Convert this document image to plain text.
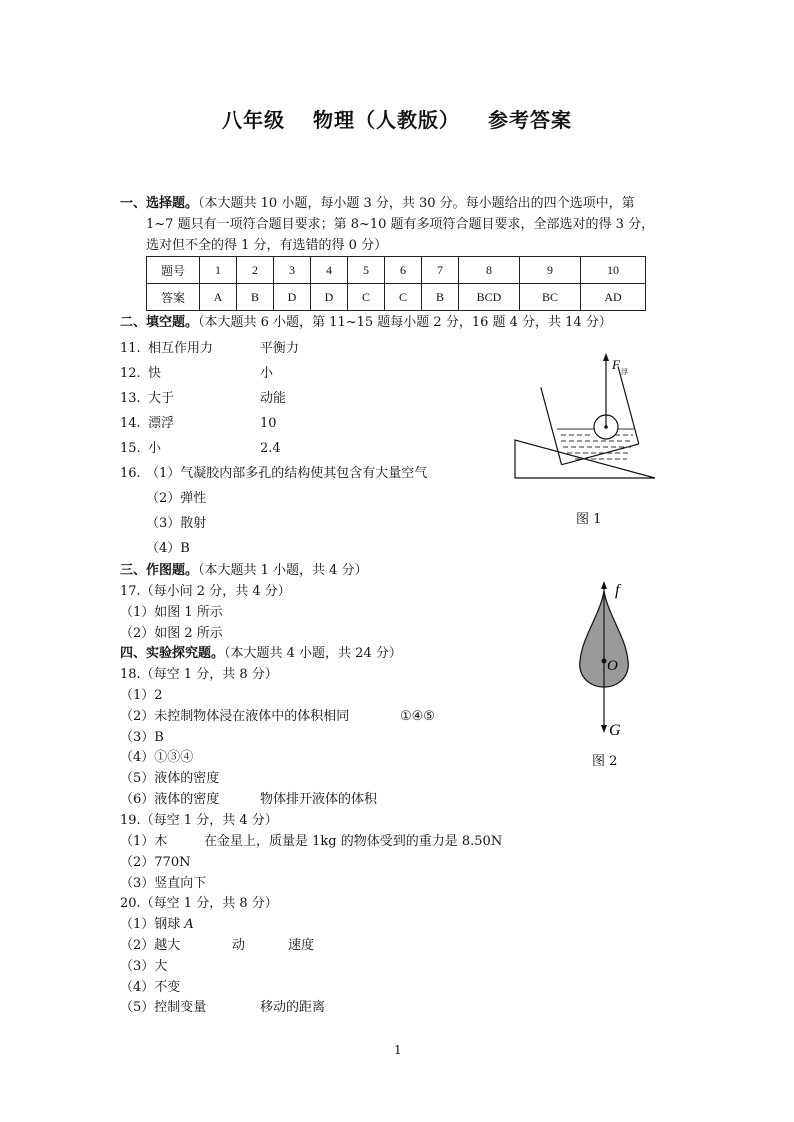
八年级 物理（人教版） 参考答案
一、选择题。（本大题共 10 小题，每小题 3 分，共 30 分。每小题给出的四个选项中，第
1~7 题只有一项符合题目要求；第 8~10 题有多项符合题目要求，全部选对的得 3 分，
选对但不全的得 1 分，有选错的得 0 分）
题号	1	2	3	4	5	6	7	8	9	10
答案	A	B	D	D	C	C	B	BCD	BC	AD
二、填空题。（本大题共 6 小题，第 11~15 题每小题 2 分，16 题 4 分，共 14 分）
11. 相互作用力	平衡力
12. 快	小
13. 大于	动能
14. 漂浮	10
15. 小	2.4
16. （1）气凝胶内部多孔的结构使其包含有大量空气
（2）弹性
（3）散射
（4）B
三、作图题。（本大题共 1 小题，共 4 分）
17.（每小问 2 分，共 4 分）
（1）如图 1 所示
（2）如图 2 所示
四、实验探究题。（本大题共 4 小题，共 24 分）
18.（每空 1 分，共 8 分）
（1）2
（2）未控制物体浸在液体中的体积相同	①④⑤
（3）B
（4）①③④
（5）液体的密度
（6）液体的密度	物体排开液体的体积
19.（每空 1 分，共 4 分）
（1）木	在金星上，质量是 1kg 的物体受到的重力是 8.50N
（2）770N
（3）竖直向下
20.（每空 1 分，共 8 分）
（1）钢球 A
（2）越大	动	速度
（3）大
（4）不变
（5）控制变量	移动的距离
F 浮
图 1
f
O
G
图 2
1
